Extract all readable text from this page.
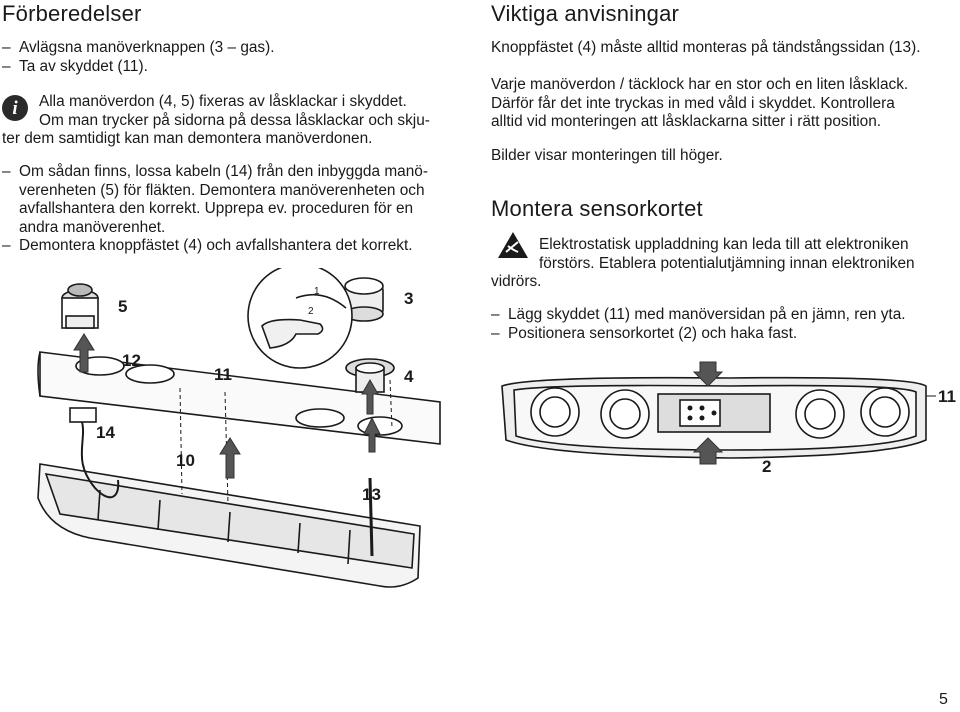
Förberedelser
– Avlägsna manöverknappen (3 – gas).
– Ta av skyddet (11).
i	Alla manöverdon (4, 5) fixeras av låsklackar i skyddet.
Om man trycker på sidorna på dessa låsklackar och skju-
ter dem samtidigt kan man demontera manöverdonen.
– Om sådan finns, lossa kabeln (14) från den inbyggda manö-
verenheten (5) för fläkten. Demontera manöverenheten och
avfallshantera den korrekt. Upprepa ev. proceduren för en
andra manöverenhet.
– Demontera knoppfästet (4) och avfallshantera det korrekt.
5
12
11
3
4
14
10
13
1
2
Viktiga anvisningar
Knoppfästet (4) måste alltid monteras på tändstångssidan (13).
Varje manöverdon / täcklock har en stor och en liten låsklack.
Därför får det inte tryckas in med våld i skyddet. Kontrollera
alltid vid monteringen att låsklackarna sitter i rätt position.
Bilder visar monteringen till höger.
Montera sensorkortet
Elektrostatisk uppladdning kan leda till att elektroniken
förstörs. Etablera potentialutjämning innan elektroniken
vidrörs.
– Lägg skyddet (11) med manöversidan på en jämn, ren yta.
– Positionera sensorkortet (2) och haka fast.
11
2
5
